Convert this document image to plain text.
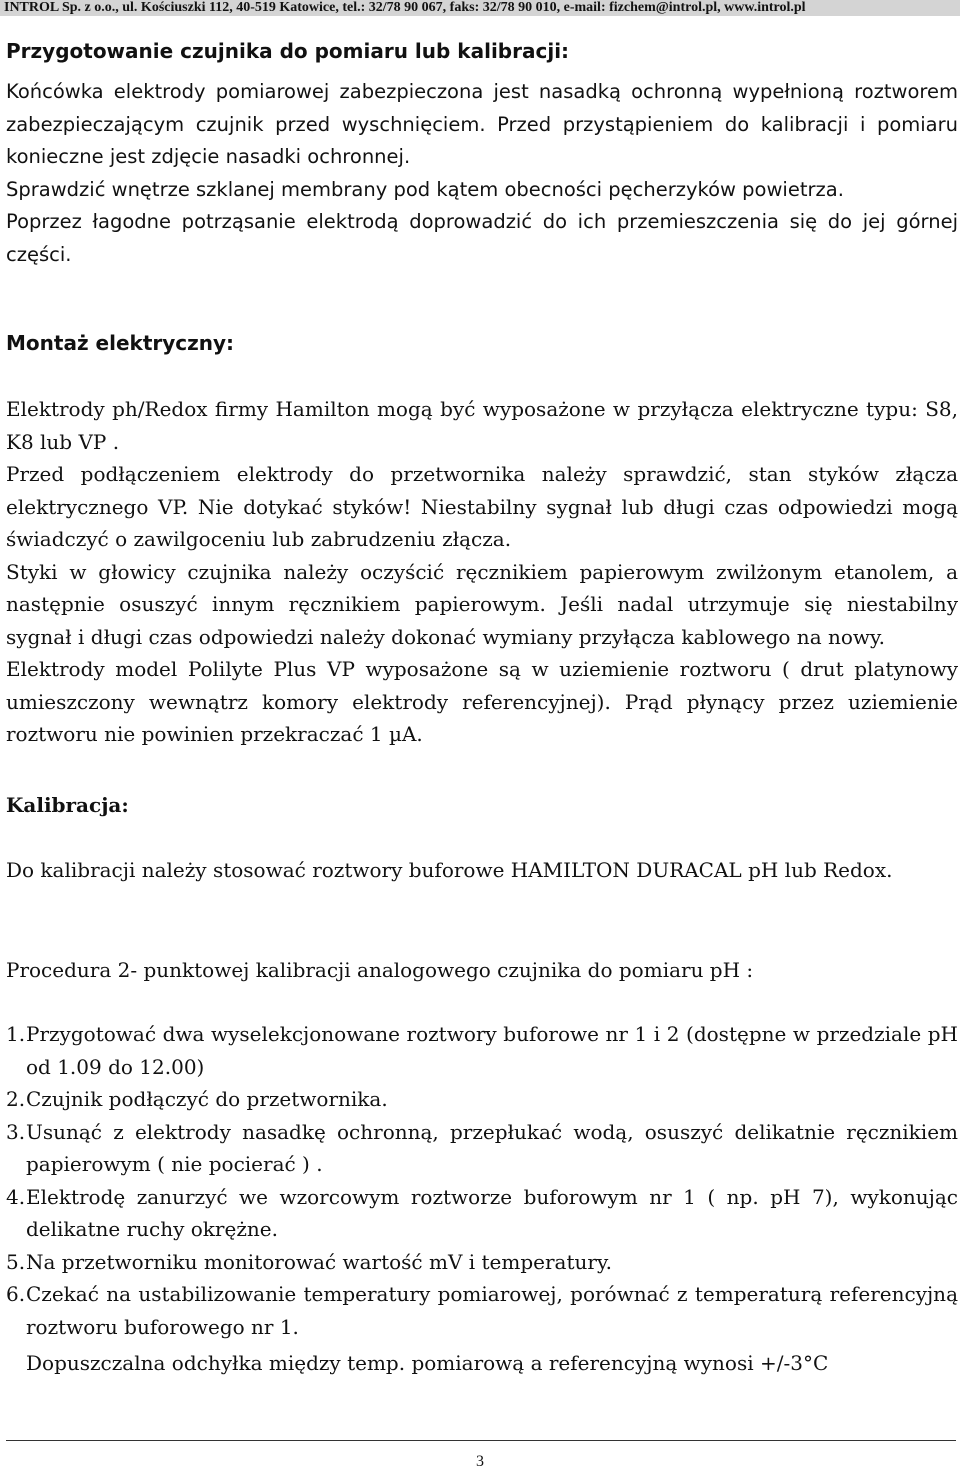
INTROL Sp. z o.o., ul. Kościuszki 112, 40-519 Katowice, tel.: 32/78 90 067, faks: 32/78 90 010, e-mail: fizchem@introl.pl, www.introl.pl
Przygotowanie czujnika do pomiaru lub kalibracji:
Końcówka elektrody pomiarowej zabezpieczona jest nasadką ochronną wypełnioną roztworem zabezpieczającym czujnik przed wyschnięciem. Przed przystąpieniem do kalibracji i pomiaru konieczne jest zdjęcie nasadki ochronnej.
Sprawdzić wnętrze szklanej membrany pod kątem obecności pęcherzyków powietrza.
Poprzez łagodne potrząsanie elektrodą doprowadzić do ich przemieszczenia się do jej górnej części.
Montaż elektryczny:
Elektrody ph/Redox firmy Hamilton mogą być wyposażone w przyłącza elektryczne typu: S8, K8 lub VP .
Przed podłączeniem elektrody do przetwornika należy sprawdzić, stan styków złącza elektrycznego VP. Nie dotykać styków! Niestabilny sygnał lub długi czas odpowiedzi mogą świadczyć o zawilgoceniu lub zabrudzeniu złącza.
Styki w głowicy czujnika należy oczyścić ręcznikiem papierowym zwilżonym etanolem, a następnie osuszyć innym ręcznikiem papierowym. Jeśli nadal utrzymuje się niestabilny sygnał i długi czas odpowiedzi należy dokonać wymiany przyłącza kablowego na nowy.
Elektrody model Polilyte Plus VP wyposażone są w uziemienie roztworu ( drut platynowy umieszczony wewnątrz komory elektrody referencyjnej). Prąd płynący przez uziemienie roztworu nie powinien przekraczać 1 µA.
Kalibracja:
Do kalibracji należy stosować roztwory buforowe HAMILTON DURACAL pH lub Redox.
Procedura 2- punktowej kalibracji analogowego czujnika do pomiaru pH :
1. Przygotować dwa wyselekcjonowane roztwory buforowe nr 1 i 2 (dostępne w przedziale pH od 1.09 do 12.00)
2. Czujnik podłączyć do przetwornika.
3. Usunąć z elektrody nasadkę ochronną, przepłukać wodą, osuszyć delikatnie ręcznikiem papierowym ( nie pocierać ) .
4. Elektrodę zanurzyć we wzorcowym roztworze buforowym nr 1 ( np. pH 7), wykonując delikatne ruchy okrężne.
5. Na przetworniku monitorować wartość mV i temperatury.
6. Czekać na ustabilizowanie temperatury pomiarowej, porównać z temperaturą referencyjną roztworu buforowego nr 1.
Dopuszczalna odchyłka między temp. pomiarową a referencyjną wynosi +/-3°C
3
